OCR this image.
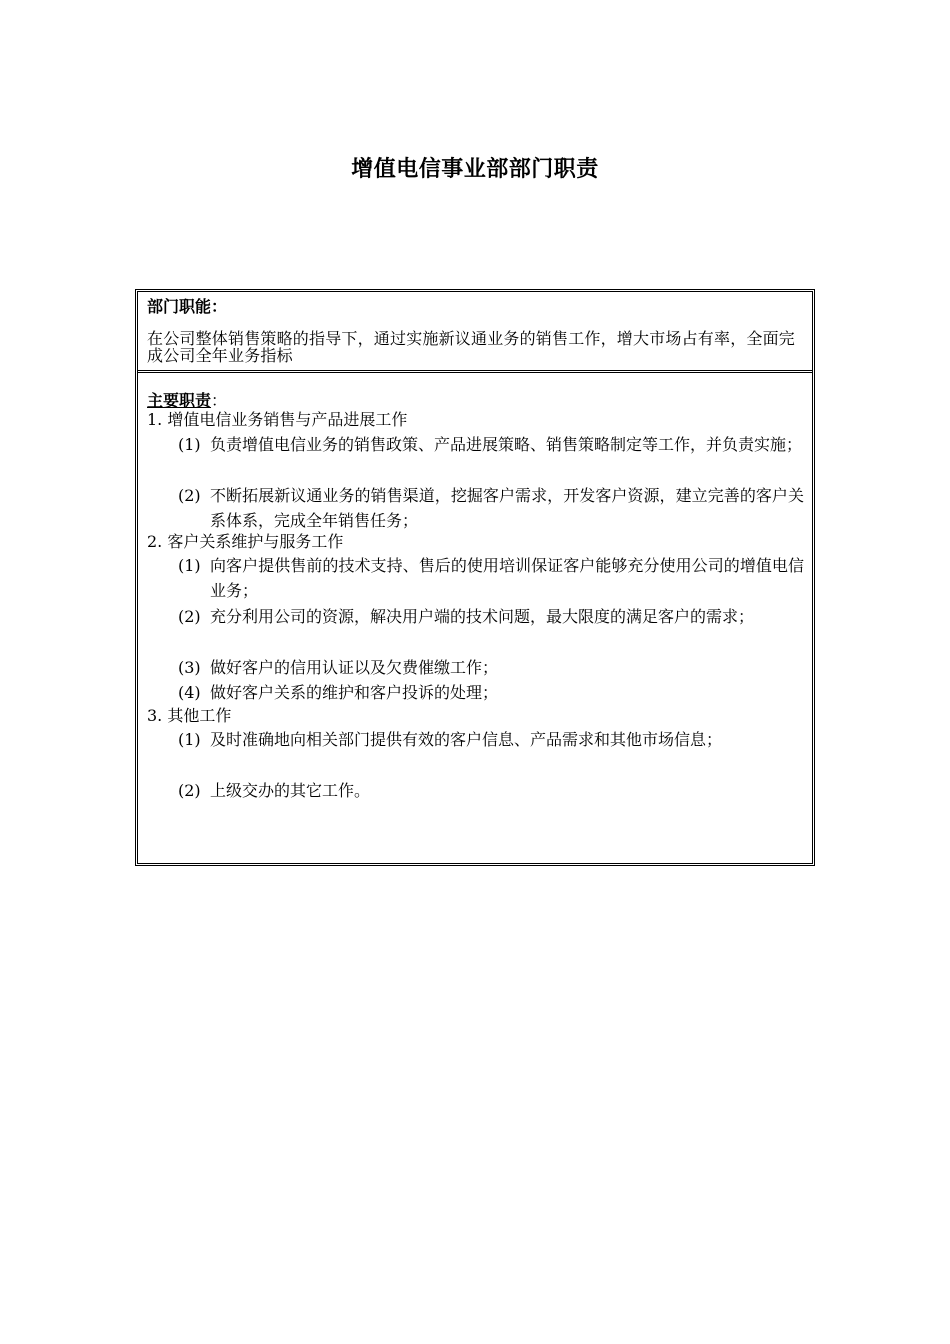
增值电信事业部部门职责
部门职能：
在公司整体销售策略的指导下，通过实施新议通业务的销售工作，增大市场占有率，全面完成公司全年业务指标
主要职责：
1. 增值电信业务销售与产品进展工作
(1) 负责增值电信业务的销售政策、产品进展策略、销售策略制定等工作，并负责实施；
(2) 不断拓展新议通业务的销售渠道，挖掘客户需求，开发客户资源，建立完善的客户关系体系，完成全年销售任务；
2. 客户关系维护与服务工作
(1) 向客户提供售前的技术支持、售后的使用培训保证客户能够充分使用公司的增值电信业务；
(2) 充分利用公司的资源，解决用户端的技术问题，最大限度的满足客户的需求；
(3) 做好客户的信用认证以及欠费催缴工作；
(4) 做好客户关系的维护和客户投诉的处理；
3. 其他工作
(1) 及时准确地向相关部门提供有效的客户信息、产品需求和其他市场信息；
(2) 上级交办的其它工作。
